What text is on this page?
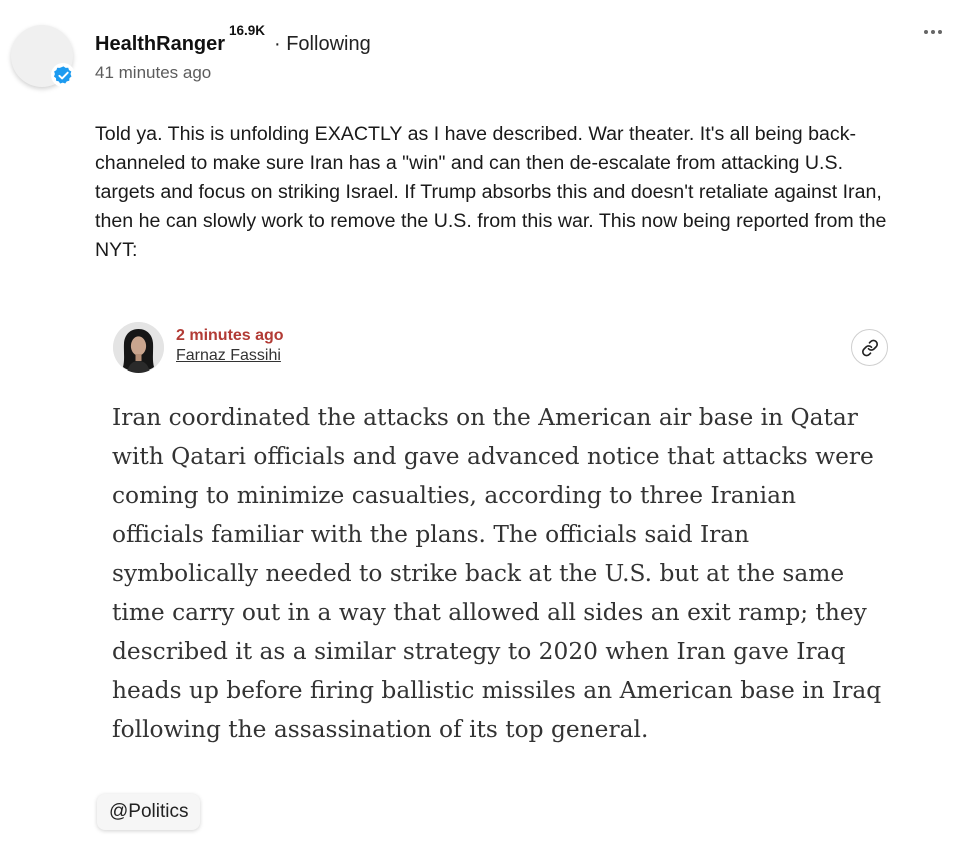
HealthRanger
16.9K
· Following
41 minutes ago

Told ya. This is unfolding EXACTLY as I have described. War theater. It's all being back-channeled to make sure Iran has a "win" and can then de-escalate from attacking U.S. targets and focus on striking Israel. If Trump absorbs this and doesn't retaliate against Iran, then he can slowly work to remove the U.S. from this war. This now being reported from the NYT:

2 minutes ago
Farnaz Fassihi

Iran coordinated the attacks on the American air base in Qatar with Qatari officials and gave advanced notice that attacks were coming to minimize casualties, according to three Iranian officials familiar with the plans. The officials said Iran symbolically needed to strike back at the U.S. but at the same time carry out in a way that allowed all sides an exit ramp; they described it as a similar strategy to 2020 when Iran gave Iraq heads up before firing ballistic missiles an American base in Iraq following the assassination of its top general.

@Politics
